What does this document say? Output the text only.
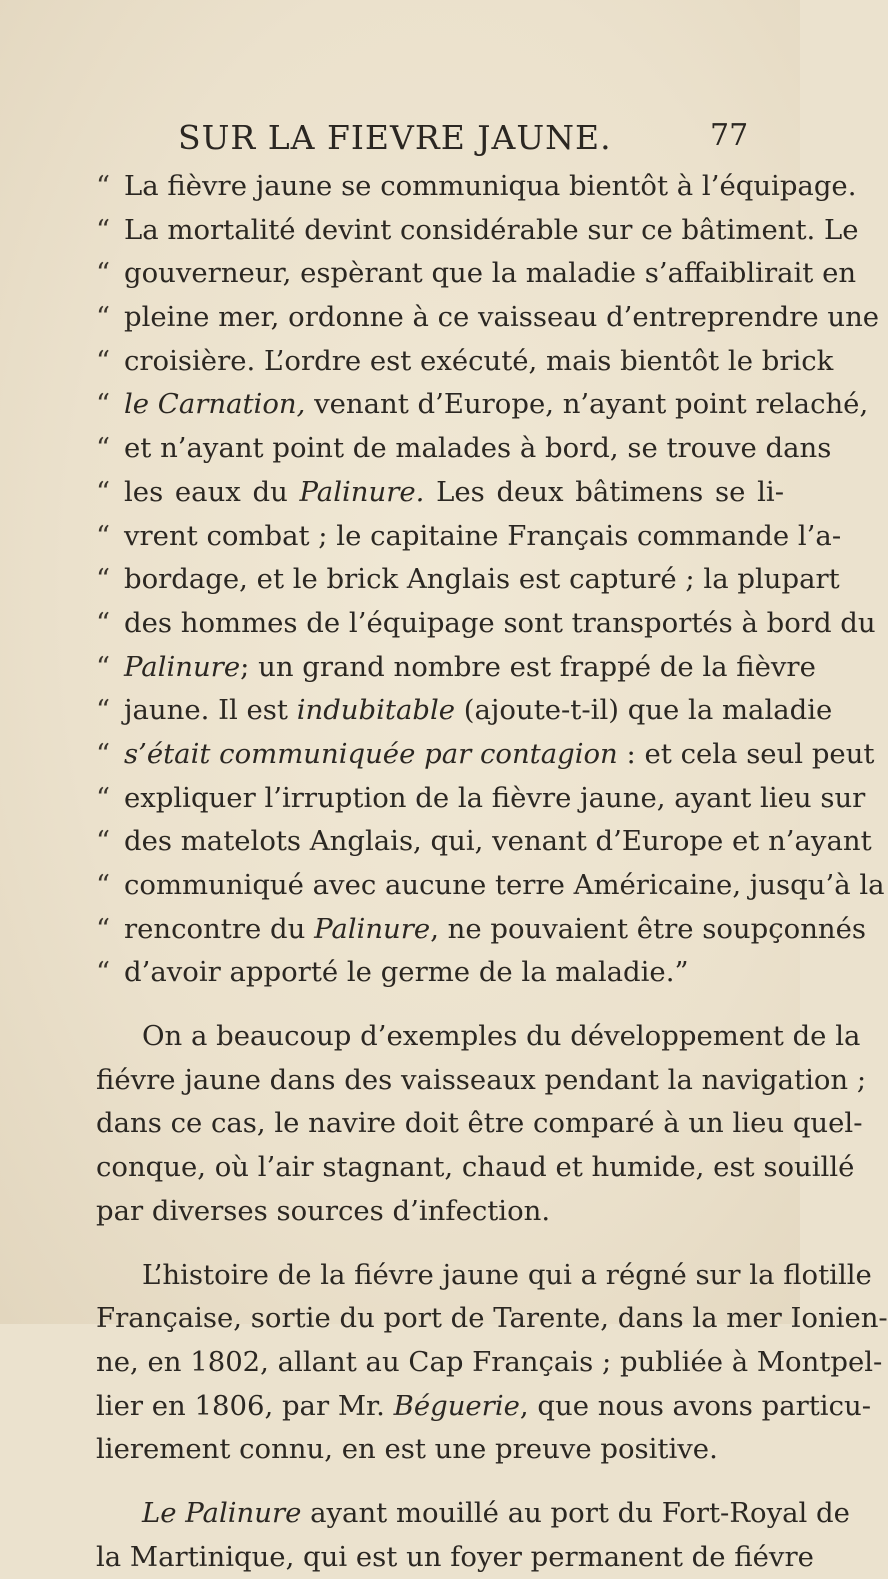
SUR LA FIEVRE JAUNE.	77
“ La fièvre jaune se communiqua bientôt à l’équipage.
“ La mortalité devint considérable sur ce bâtiment. Le
“ gouverneur, espèrant que la maladie s’affaiblirait en
“ pleine mer, ordonne à ce vaisseau d’entreprendre une
“ croisière. L’ordre est exécuté, mais bientôt le brick
“ le Carnation, venant d’Europe, n’ayant point relaché,
“ et n’ayant point de malades à bord, se trouve dans
“ les eaux du Palinure. Les deux bâtimens se li-
“ vrent combat ; le capitaine Français commande l’a-
“ bordage, et le brick Anglais est capturé ; la plupart
“ des hommes de l’équipage sont transportés à bord du
“ Palinure; un grand nombre est frappé de la fièvre
“ jaune. Il est indubitable (ajoute-t-il) que la maladie
“ s’était communiquée par contagion : et cela seul peut
“ expliquer l’irruption de la fièvre jaune, ayant lieu sur
“ des matelots Anglais, qui, venant d’Europe et n’ayant
“ communiqué avec aucune terre Américaine, jusqu’à la
“ rencontre du Palinure, ne pouvaient être soupçonnés
“ d’avoir apporté le germe de la maladie.”
On a beaucoup d’exemples du développement de la
fiévre jaune dans des vaisseaux pendant la navigation ;
dans ce cas, le navire doit être comparé à un lieu quel-
conque, où l’air stagnant, chaud et humide, est souillé
par diverses sources d’infection.
L’histoire de la fiévre jaune qui a régné sur la flotille
Française, sortie du port de Tarente, dans la mer Ionien-
ne, en 1802, allant au Cap Français ; publiée à Montpel-
lier en 1806, par Mr. Béguerie, que nous avons particu-
lierement connu, en est une preuve positive.
Le Palinure ayant mouillé au port du Fort-Royal de
la Martinique, qui est un foyer permanent de fiévre
